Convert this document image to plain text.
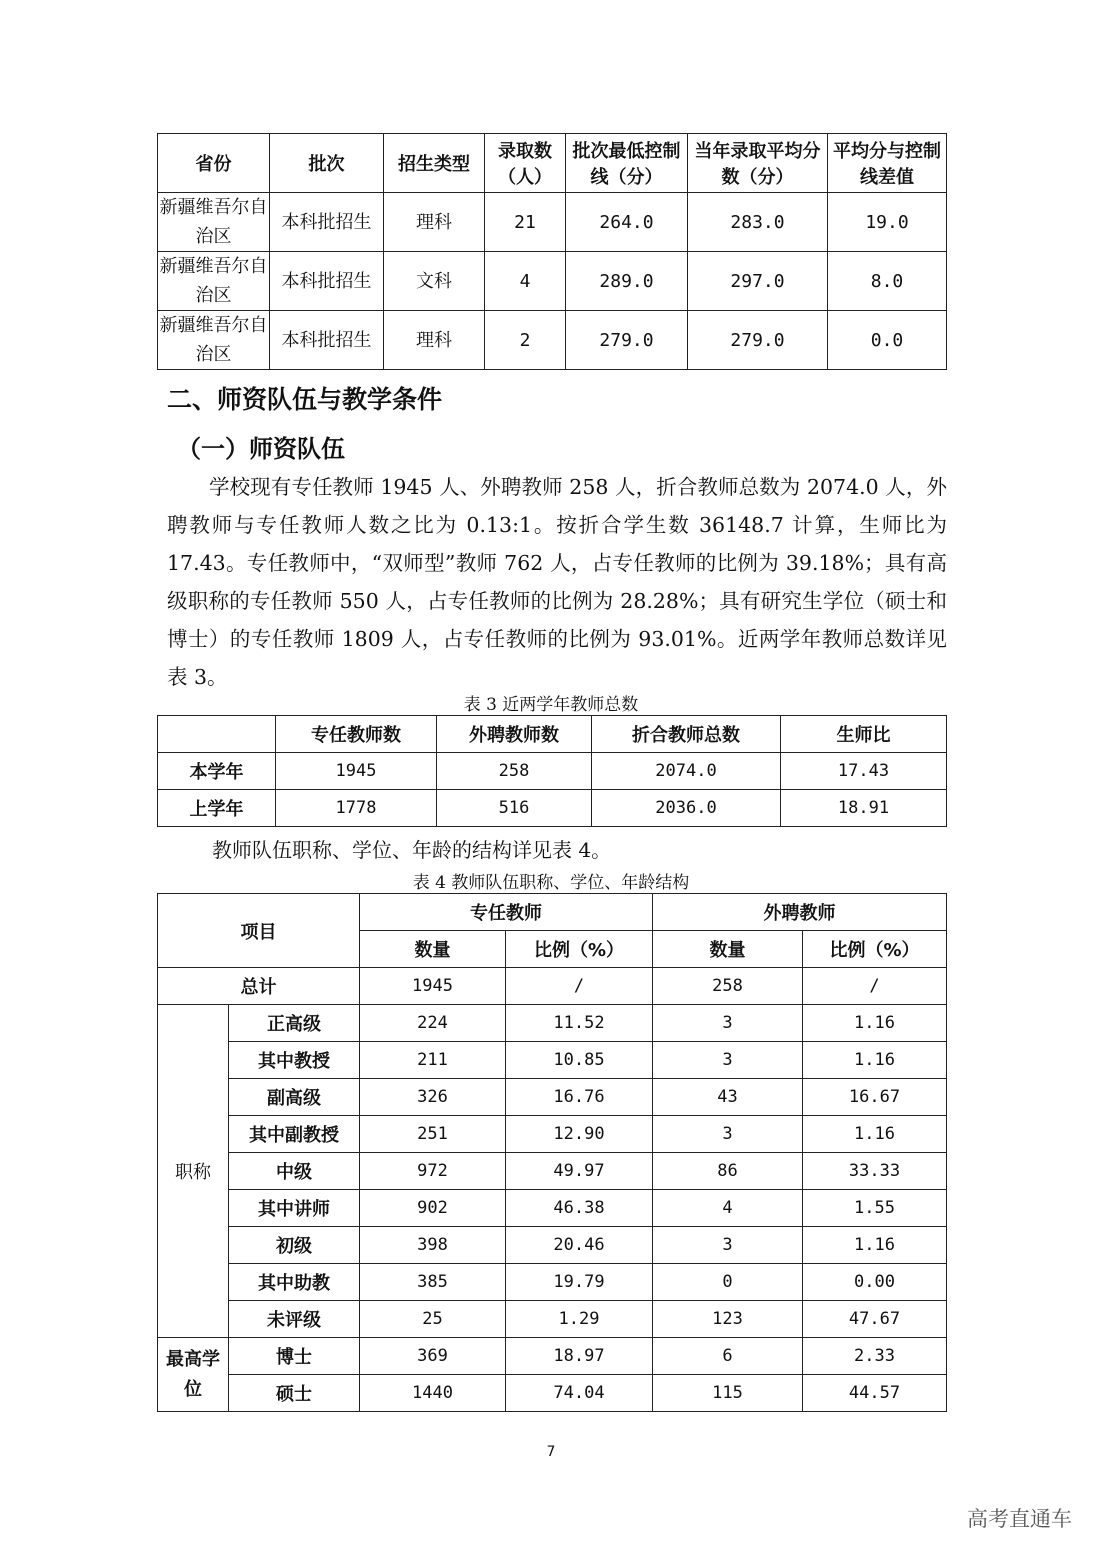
省份	批次	招生类型	录取数（人）	批次最低控制线（分）	当年录取平均分数（分）	平均分与控制线差值
新疆维吾尔自治区	本科批招生	理科	21	264.0	283.0	19.0
新疆维吾尔自治区	本科批招生	文科	4	289.0	297.0	8.0
新疆维吾尔自治区	本科批招生	理科	2	279.0	279.0	0.0
二、师资队伍与教学条件
（一）师资队伍

学校现有专任教师 1945 人、外聘教师 258 人，折合教师总数为 2074.0 人，外聘教师与专任教师人数之比为 0.13:1。按折合学生数 36148.7 计算，生师比为 17.43。专任教师中，“双师型”教师 762 人，占专任教师的比例为 39.18%；具有高级职称的专任教师 550 人，占专任教师的比例为 28.28%；具有研究生学位（硕士和博士）的专任教师 1809 人，占专任教师的比例为 93.01%。近两学年教师总数详见表 3。

表 3 近两学年教师总数

	专任教师数	外聘教师数	折合教师总数	生师比
本学年	1945	258	2074.0	17.43
上学年	1778	516	2036.0	18.91

教师队伍职称、学位、年龄的结构详见表 4。

表 4 教师队伍职称、学位、年龄结构

项目		专任教师		外聘教师	
		数量	比例（%）	数量	比例（%）
总计		1945	/	258	/
职称	正高级	224	11.52	3	1.16
	其中教授	211	10.85	3	1.16
	副高级	326	16.76	43	16.67
	其中副教授	251	12.90	3	1.16
	中级	972	49.97	86	33.33
	其中讲师	902	46.38	4	1.55
	初级	398	20.46	3	1.16
	其中助教	385	19.79	0	0.00
	未评级	25	1.29	123	47.67
最高学位	博士	369	18.97	6	2.33
	硕士	1440	74.04	115	44.57
7
高考直通车
